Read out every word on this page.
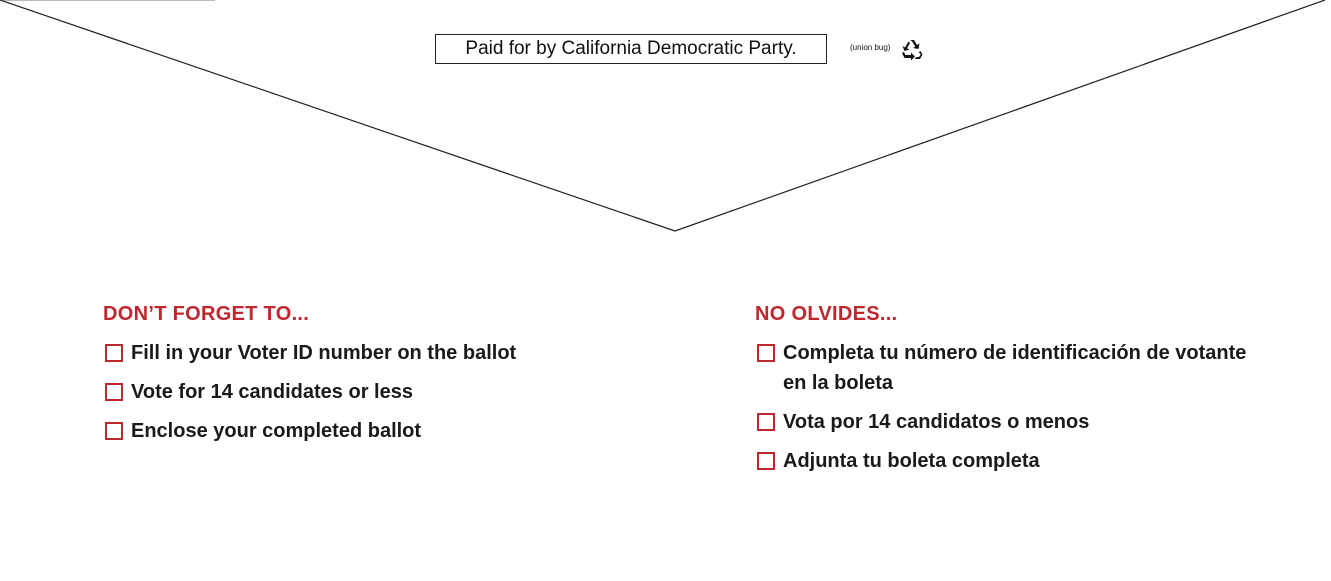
Paid for by California Democratic Party.	(union bug)
DON’T FORGET TO...
Fill in your Voter ID number on the ballot
Vote for 14 candidates or less
Enclose your completed ballot
NO OLVIDES...
Completa tu número de identificación de votante en la boleta
Vota por 14 candidatos o menos
Adjunta tu boleta completa
